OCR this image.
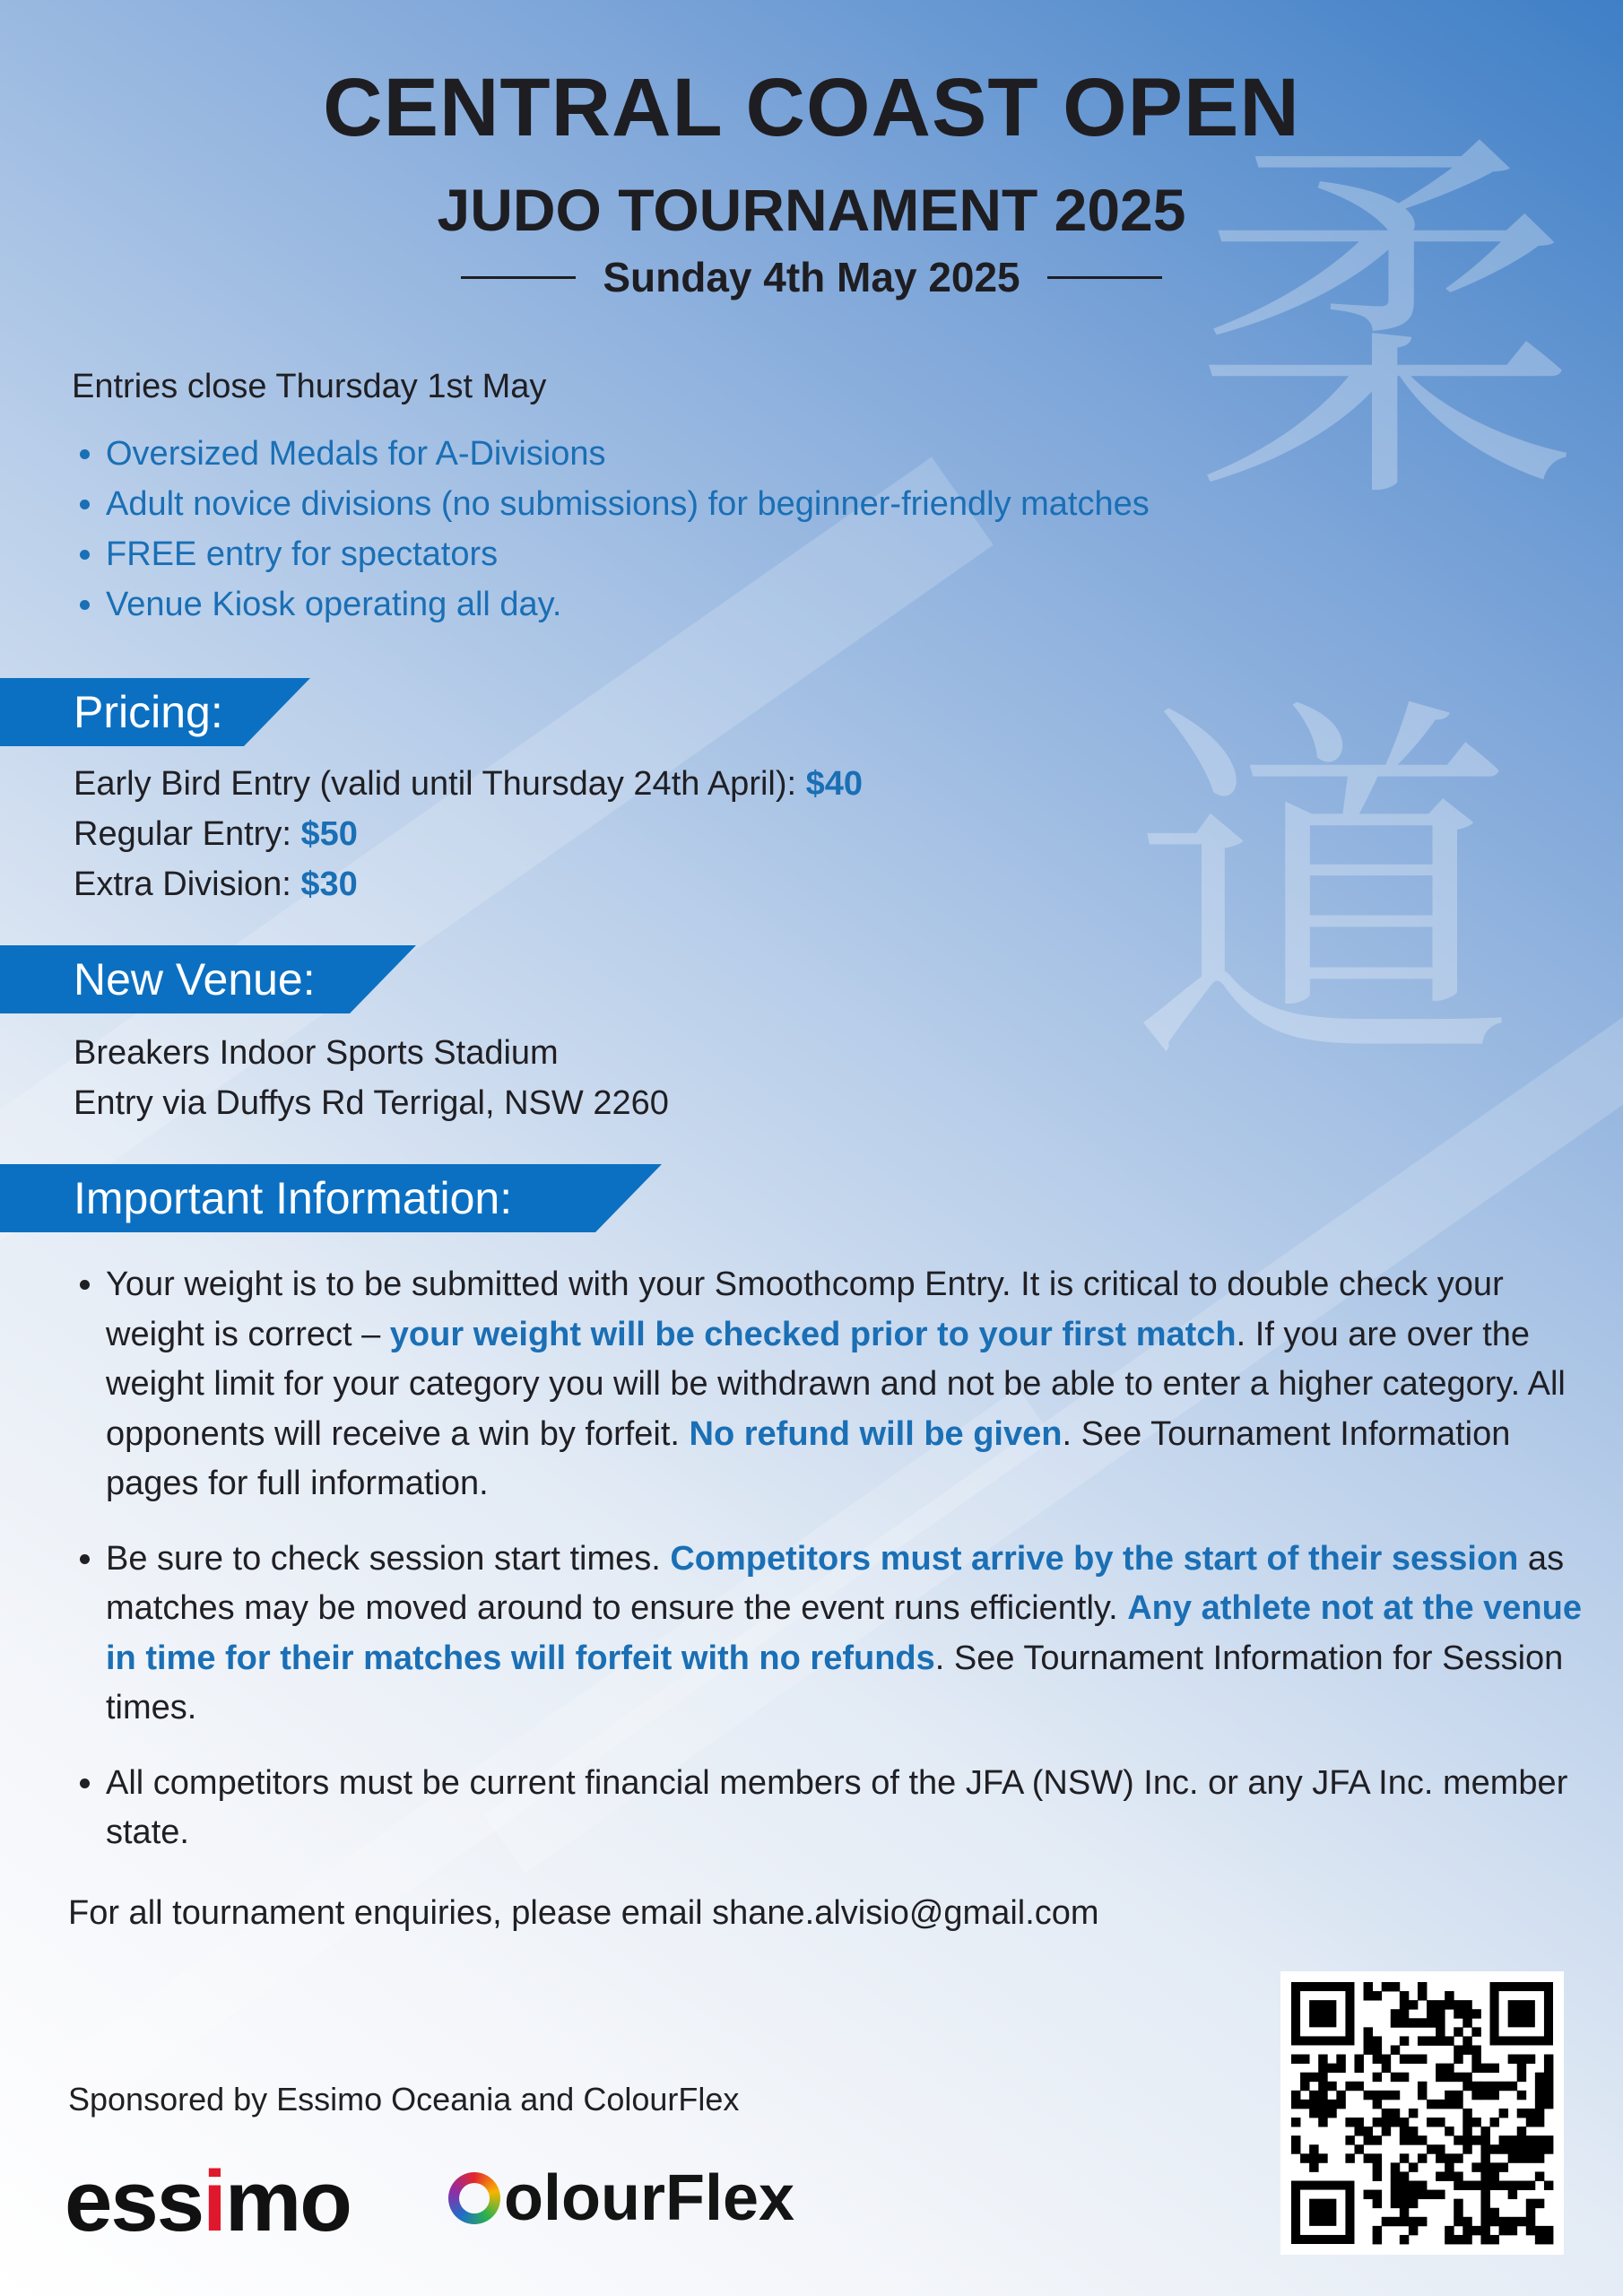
柔
道
CENTRAL COAST OPEN
JUDO TOURNAMENT 2025
Sunday 4th May 2025
Entries close Thursday 1st May
• Oversized Medals for A-Divisions
• Adult novice divisions (no submissions) for beginner-friendly matches
• FREE entry for spectators
• Venue Kiosk operating all day.
Pricing:
Early Bird Entry (valid until Thursday 24th April): $40
Regular Entry: $50
Extra Division: $30
New Venue:
Breakers Indoor Sports Stadium
Entry via Duffys Rd Terrigal, NSW 2260
Important Information:
• Your weight is to be submitted with your Smoothcomp Entry. It is critical to double check your weight is correct – your weight will be checked prior to your first match. If you are over the weight limit for your category you will be withdrawn and not be able to enter a higher category. All opponents will receive a win by forfeit. No refund will be given. See Tournament Information pages for full information.
• Be sure to check session start times. Competitors must arrive by the start of their session as matches may be moved around to ensure the event runs efficiently. Any athlete not at the venue in time for their matches will forfeit with no refunds. See Tournament Information for Session times.
• All competitors must be current financial members of the JFA (NSW) Inc. or any JFA Inc. member state.
For all tournament enquiries, please email shane.alvisio@gmail.com
Sponsored by Essimo Oceania and ColourFlex
essimo olourFlex
